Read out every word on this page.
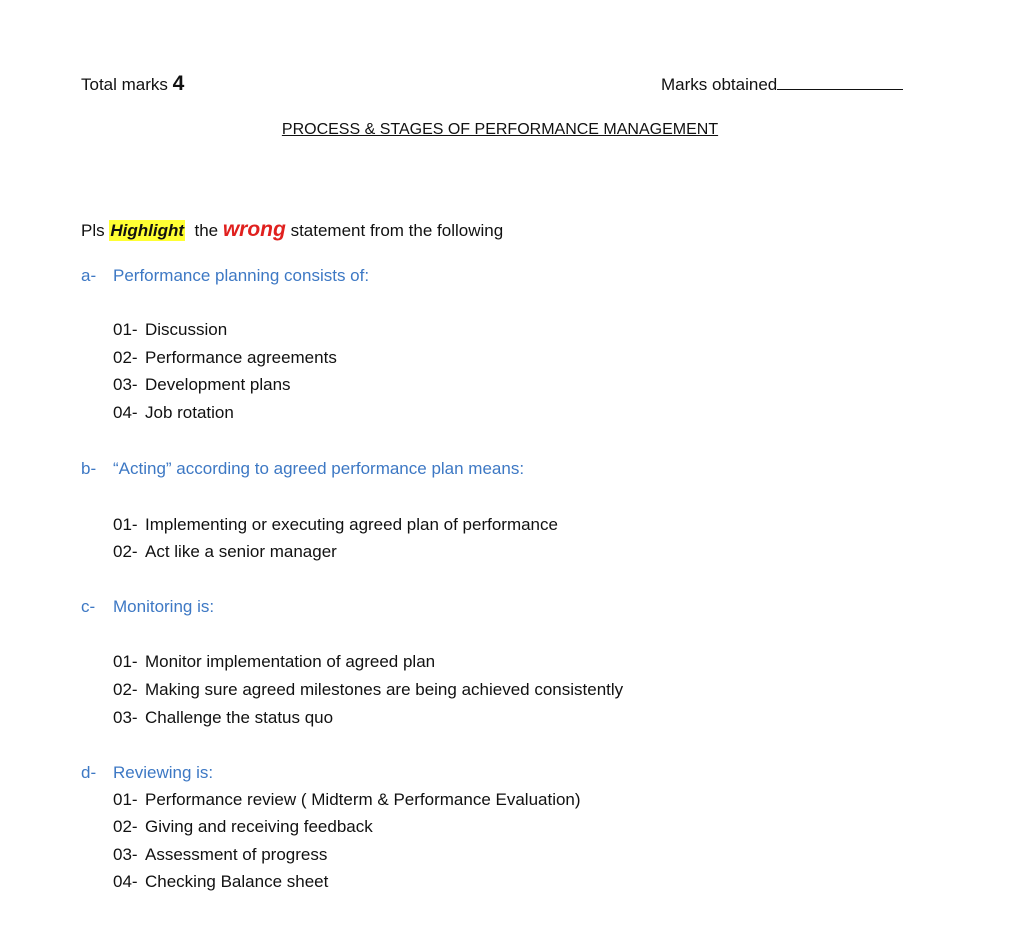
Total marks 4	Marks obtained
PROCESS & STAGES OF PERFORMANCE MANAGEMENT
Pls Highlight the wrong statement from the following
a- Performance planning consists of:
01- Discussion
02- Performance agreements
03- Development plans
04- Job rotation
b- “Acting” according to agreed performance plan means:
01- Implementing or executing agreed plan of performance
02- Act like a senior manager
c- Monitoring is:
01- Monitor implementation of agreed plan
02- Making sure agreed milestones are being achieved consistently
03- Challenge the status quo
d- Reviewing is:
01- Performance review ( Midterm & Performance Evaluation)
02- Giving and receiving feedback
03- Assessment of progress
04- Checking Balance sheet
